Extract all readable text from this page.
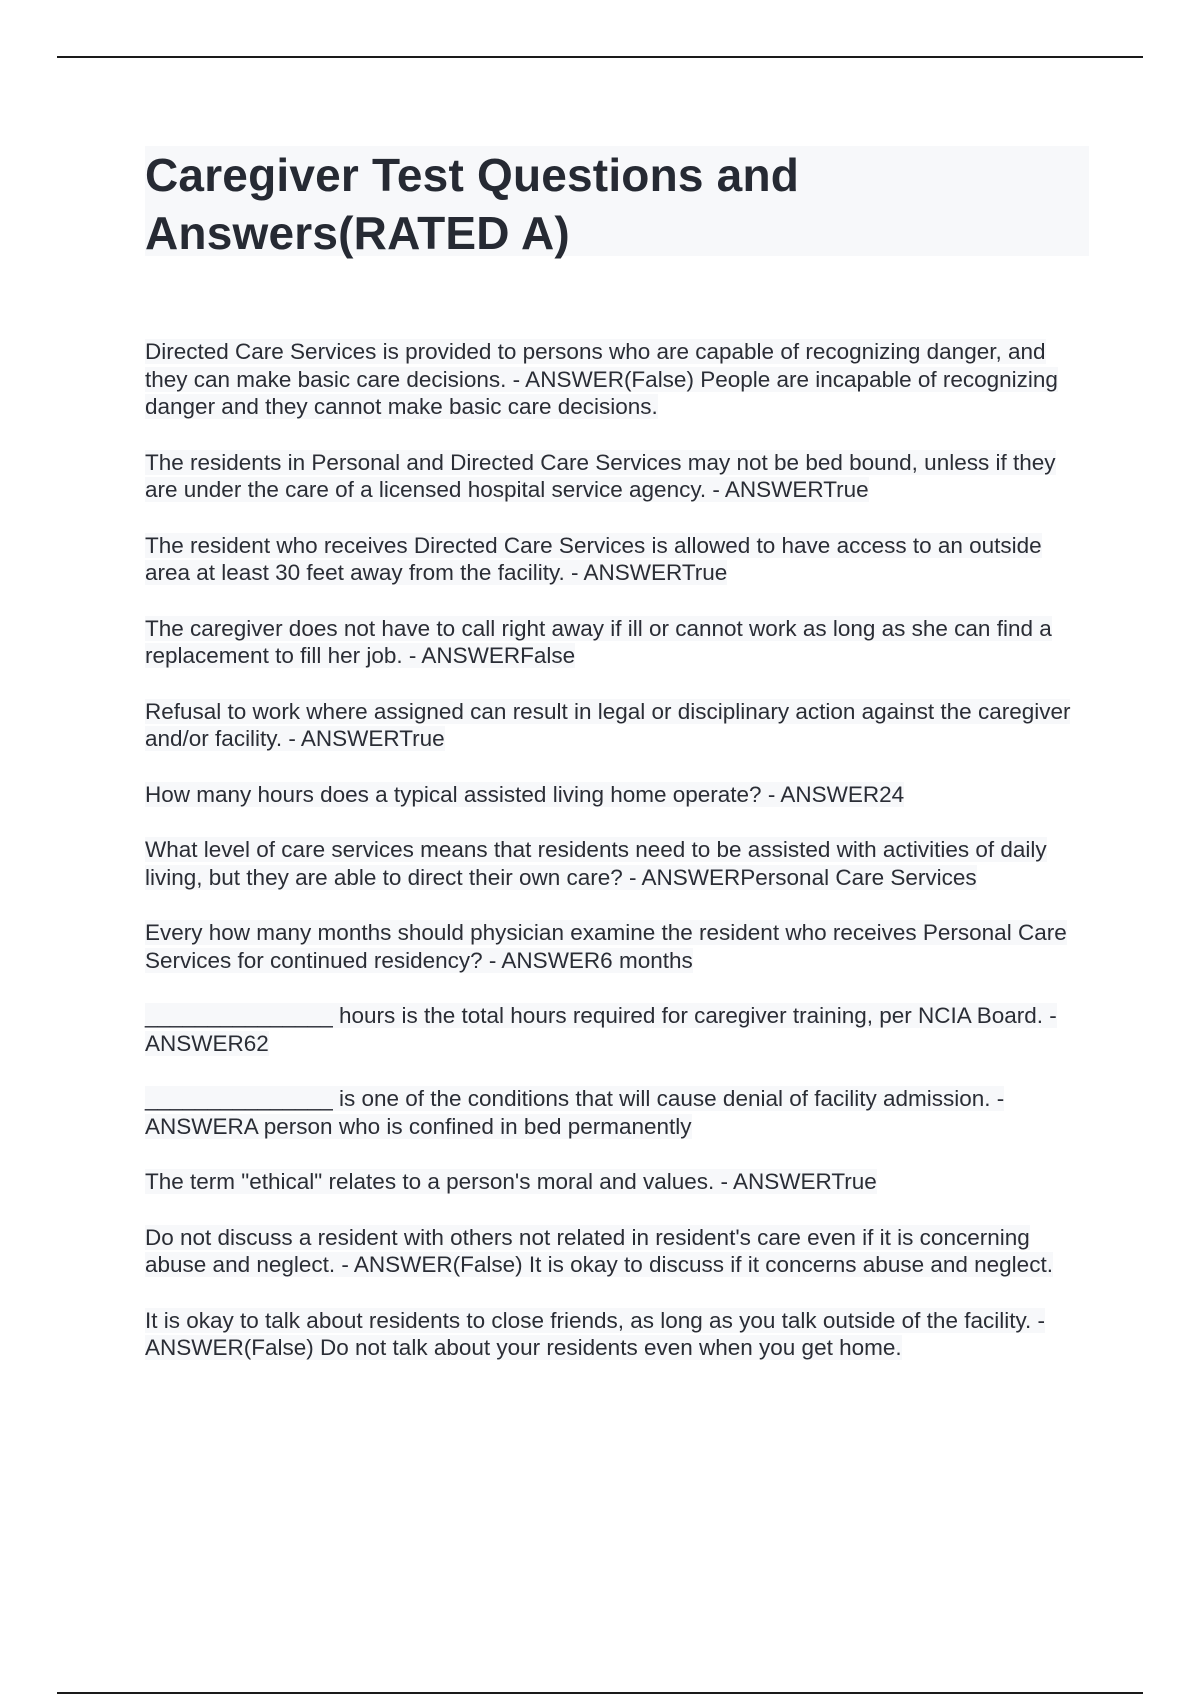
Caregiver Test Questions and Answers(RATED A)
Directed Care Services is provided to persons who are capable of recognizing danger, and they can make basic care decisions. - ANSWER(False) People are incapable of recognizing danger and they cannot make basic care decisions.
The residents in Personal and Directed Care Services may not be bed bound, unless if they are under the care of a licensed hospital service agency. - ANSWERTrue
The resident who receives Directed Care Services is allowed to have access to an outside area at least 30 feet away from the facility. - ANSWERTrue
The caregiver does not have to call right away if ill or cannot work as long as she can find a replacement to fill her job. - ANSWERFalse
Refusal to work where assigned can result in legal or disciplinary action against the caregiver and/or facility. - ANSWERTrue
How many hours does a typical assisted living home operate? - ANSWER24
What level of care services means that residents need to be assisted with activities of daily living, but they are able to direct their own care? - ANSWERPersonal Care Services
Every how many months should physician examine the resident who receives Personal Care Services for continued residency? - ANSWER6 months
_______________ hours is the total hours required for caregiver training, per NCIA Board. - ANSWER62
_______________ is one of the conditions that will cause denial of facility admission. - ANSWERA person who is confined in bed permanently
The term "ethical" relates to a person's moral and values. - ANSWERTrue
Do not discuss a resident with others not related in resident's care even if it is concerning abuse and neglect. - ANSWER(False) It is okay to discuss if it concerns abuse and neglect.
It is okay to talk about residents to close friends, as long as you talk outside of the facility. - ANSWER(False) Do not talk about your residents even when you get home.
